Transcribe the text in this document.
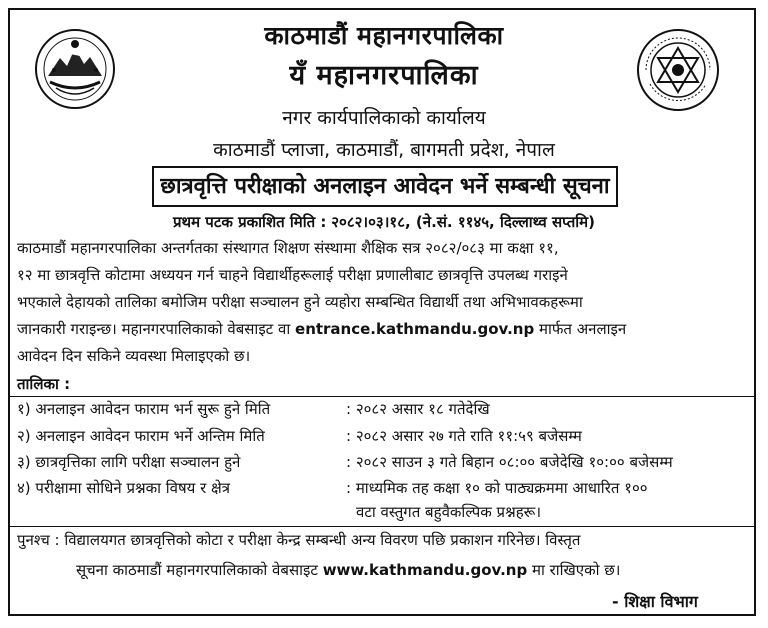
काठमाडौं महानगरपालिका
यँ महानगरपालिका
नगर कार्यपालिकाको कार्यालय
काठमाडौं प्लाजा, काठमाडौं, बागमती प्रदेश, नेपाल
छात्रवृत्ति परीक्षाको अनलाइन आवेदन भर्ने सम्बन्धी सूचना
प्रथम पटक प्रकाशित मिति : २०८२।०३।१८, (ने.सं. ११४५, दिल्लाथ्व सप्तमि)
काठमाडौं महानगरपालिका अन्तर्गतका संस्थागत शिक्षण संस्थामा शैक्षिक सत्र २०८२/०८३ मा कक्षा ११,
१२ मा छात्रवृत्ति कोटामा अध्ययन गर्न चाहने विद्यार्थीहरूलाई परीक्षा प्रणालीबाट छात्रवृत्ति उपलब्ध गराइने
भएकाले देहायको तालिका बमोजिम परीक्षा सञ्चालन हुने व्यहोरा सम्बन्धित विद्यार्थी तथा अभिभावकहरूमा
जानकारी गराइन्छ। महानगरपालिकाको वेबसाइट वा entrance.kathmandu.gov.np मार्फत अनलाइन
आवेदन दिन सकिने व्यवस्था मिलाइएको छ।
तालिका :
१) अनलाइन आवेदन फाराम भर्न सुरू हुने मिति	: २०८२ असार १८ गतेदेखि
२) अनलाइन आवेदन फाराम भर्ने अन्तिम मिति	: २०८२ असार २७ गते राति ११:५९ बजेसम्म
३) छात्रवृत्तिका लागि परीक्षा सञ्चालन हुने	: २०८२ साउन ३ गते बिहान ०८:०० बजेदेखि १०:०० बजेसम्म
४) परीक्षामा सोधिने प्रश्नका विषय र क्षेत्र	: माध्यमिक तह कक्षा १० को पाठ्यक्रममा आधारित १००
वटा वस्तुगत बहुवैकल्पिक प्रश्नहरू।
पुनश्च : विद्यालयगत छात्रवृत्तिको कोटा र परीक्षा केन्द्र सम्बन्धी अन्य विवरण पछि प्रकाशन गरिनेछ। विस्तृत
सूचना काठमाडौं महानगरपालिकाको वेबसाइट www.kathmandu.gov.np मा राखिएको छ।
- शिक्षा विभाग
